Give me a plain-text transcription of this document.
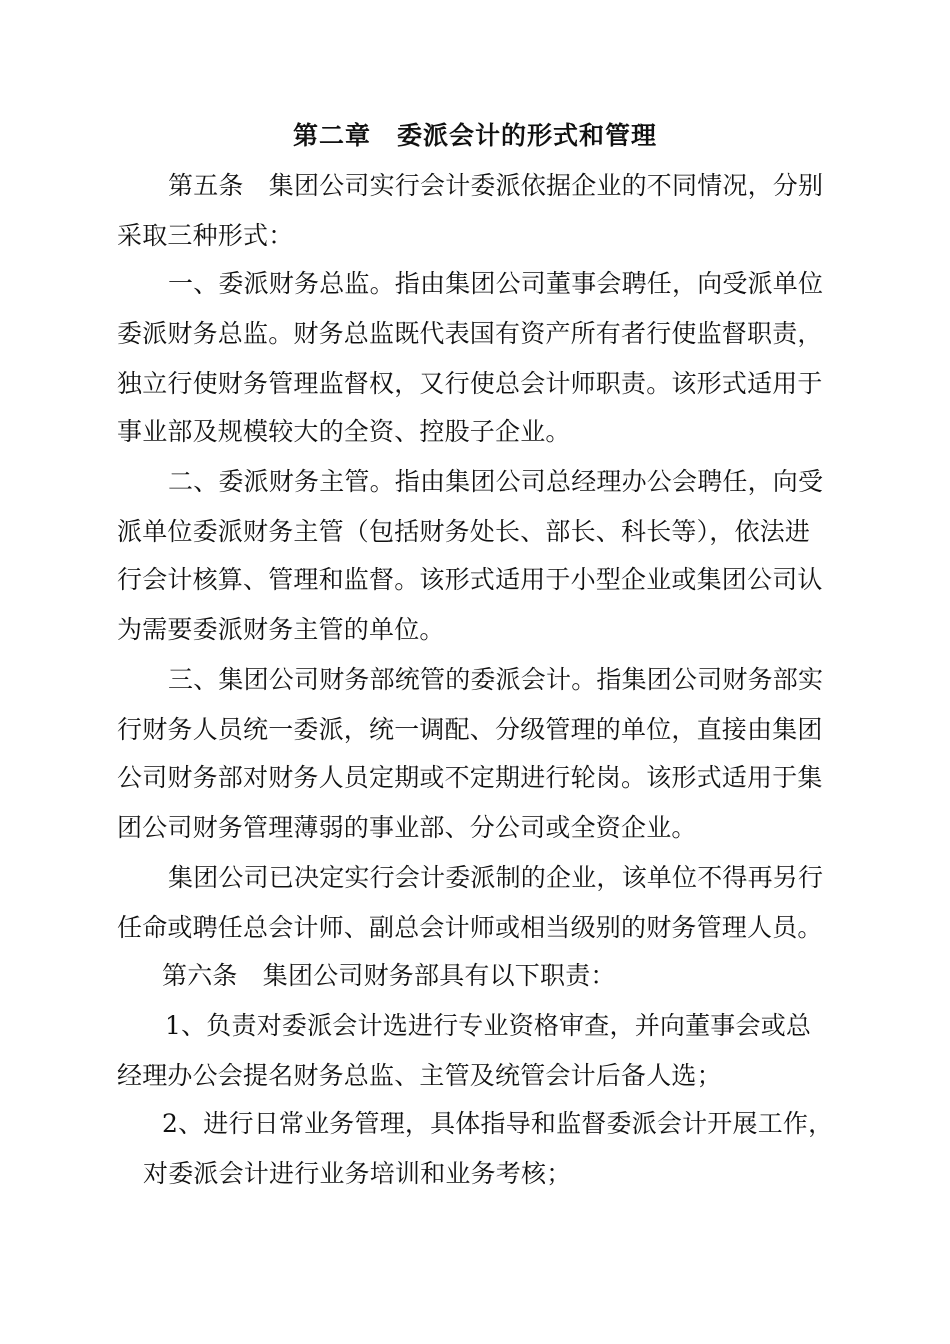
第二章　委派会计的形式和管理
第五条　集团公司实行会计委派依据企业的不同情况，分别
采取三种形式：
一、委派财务总监。指由集团公司董事会聘任，向受派单位
委派财务总监。财务总监既代表国有资产所有者行使监督职责，
独立行使财务管理监督权，又行使总会计师职责。该形式适用于
事业部及规模较大的全资、控股子企业。
二、委派财务主管。指由集团公司总经理办公会聘任，向受
派单位委派财务主管（包括财务处长、部长、科长等），依法进
行会计核算、管理和监督。该形式适用于小型企业或集团公司认
为需要委派财务主管的单位。
三、集团公司财务部统管的委派会计。指集团公司财务部实
行财务人员统一委派，统一调配、分级管理的单位，直接由集团
公司财务部对财务人员定期或不定期进行轮岗。该形式适用于集
团公司财务管理薄弱的事业部、分公司或全资企业。
集团公司已决定实行会计委派制的企业，该单位不得再另行
任命或聘任总会计师、副总会计师或相当级别的财务管理人员。
第六条　集团公司财务部具有以下职责：
1、负责对委派会计选进行专业资格审查，并向董事会或总
经理办公会提名财务总监、主管及统管会计后备人选；
2、进行日常业务管理，具体指导和监督委派会计开展工作，
对委派会计进行业务培训和业务考核；
